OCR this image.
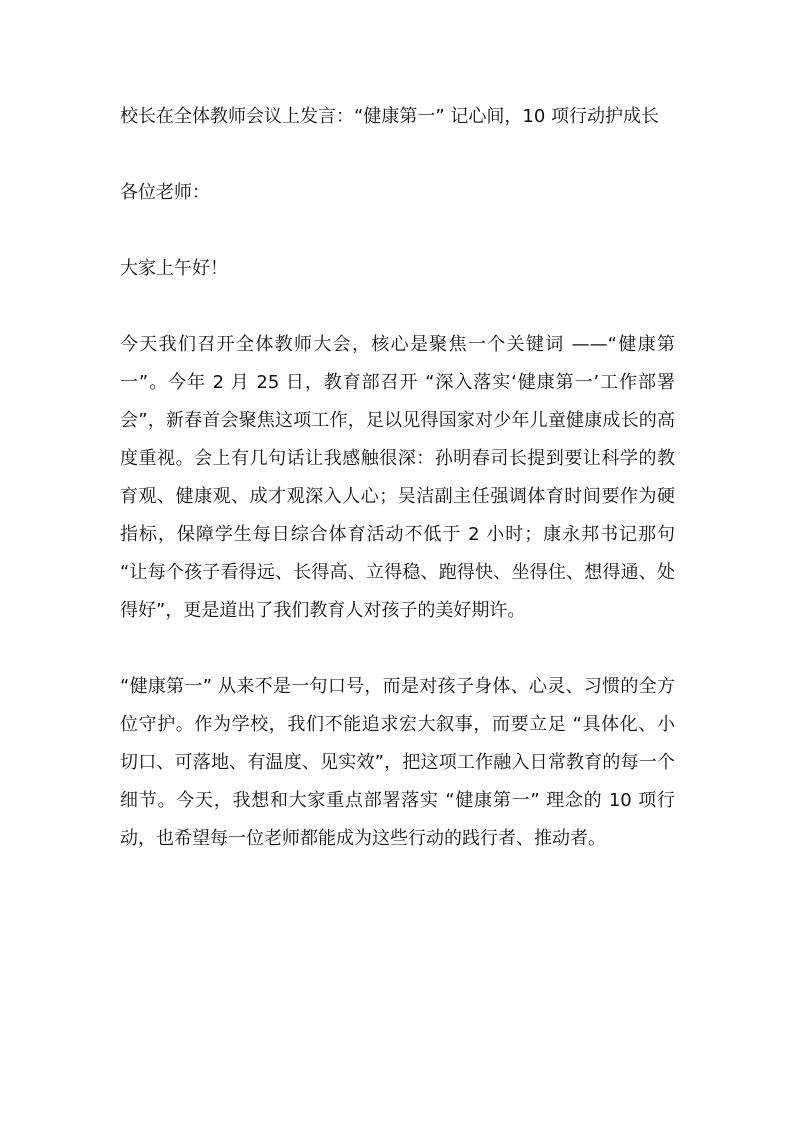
校长在全体教师会议上发言：“健康第一” 记心间，10 项行动护成长

各位老师：

大家上午好！

今天我们召开全体教师大会，核心是聚焦一个关键词 ——“健康第一”。今年 2 月 25 日，教育部召开 “深入落实‘健康第一’工作部署会”，新春首会聚焦这项工作，足以见得国家对少年儿童健康成长的高度重视。会上有几句话让我感触很深：孙明春司长提到要让科学的教育观、健康观、成才观深入人心；吴洁副主任强调体育时间要作为硬指标，保障学生每日综合体育活动不低于 2 小时；康永邦书记那句 “让每个孩子看得远、长得高、立得稳、跑得快、坐得住、想得通、处得好”，更是道出了我们教育人对孩子的美好期许。

“健康第一” 从来不是一句口号，而是对孩子身体、心灵、习惯的全方位守护。作为学校，我们不能追求宏大叙事，而要立足 “具体化、小切口、可落地、有温度、见实效”，把这项工作融入日常教育的每一个细节。今天，我想和大家重点部署落实 “健康第一” 理念的 10 项行动，也希望每一位老师都能成为这些行动的践行者、推动者。
